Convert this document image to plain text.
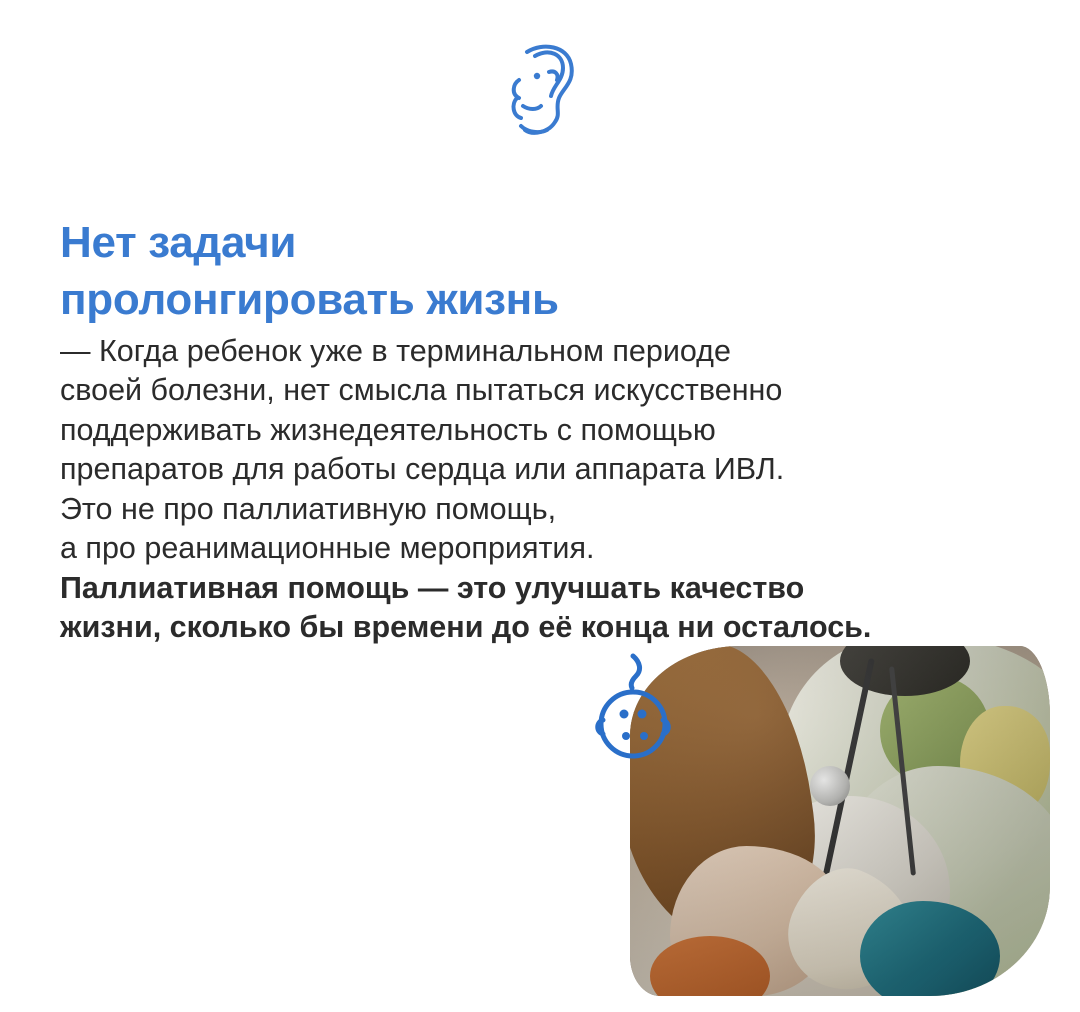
Нет задачи
пролонгировать жизнь
— Когда ребенок уже в терминальном периоде
своей болезни, нет смысла пытаться искусственно
поддерживать жизнедеятельность с помощью
препаратов для работы сердца или аппарата ИВЛ.
Это не про паллиативную помощь,
а про реанимационные мероприятия.
Паллиативная помощь — это улучшать качество
жизни, сколько бы времени до её конца ни осталось.
